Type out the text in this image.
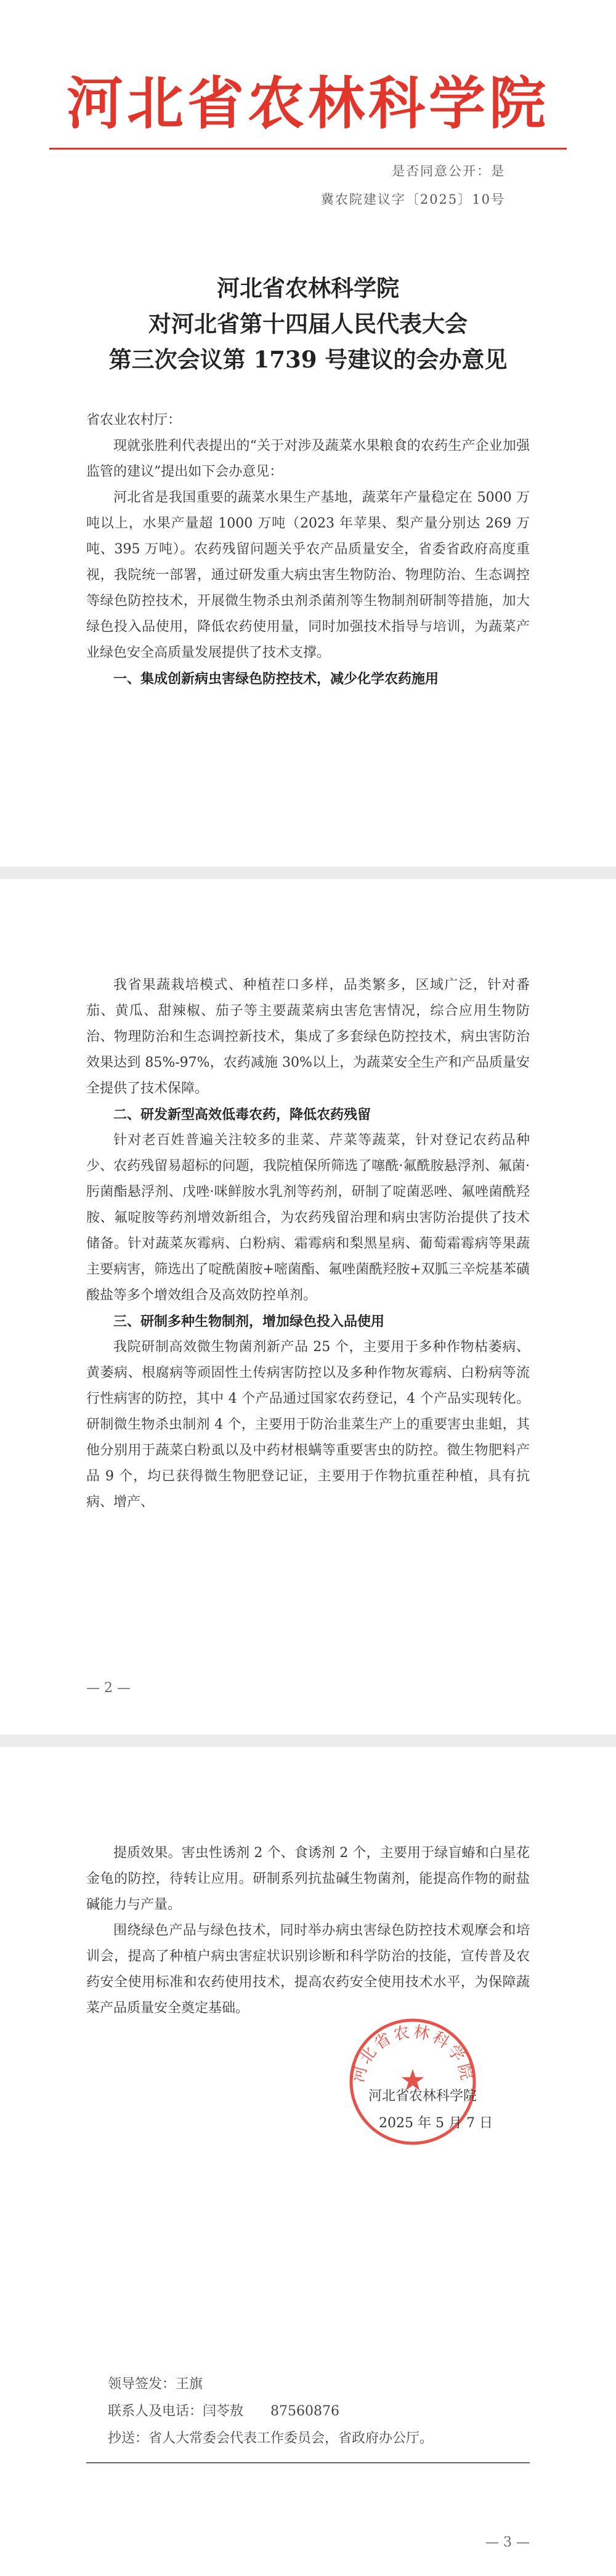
河北省农林科学院
是否同意公开：是
冀农院建议字〔2025〕10号
河北省农林科学院
对河北省第十四届人民代表大会
第三次会议第 1739 号建议的会办意见

省农业农村厅：

现就张胜利代表提出的“关于对涉及蔬菜水果粮食的农药生产企业加强监管的建议”提出如下会办意见：

河北省是我国重要的蔬菜水果生产基地，蔬菜年产量稳定在 5000 万吨以上，水果产量超 1000 万吨（2023 年苹果、梨产量分别达 269 万吨、395 万吨）。农药残留问题关乎农产品质量安全，省委省政府高度重视，我院统一部署，通过研发重大病虫害生物防治、物理防治、生态调控等绿色防控技术，开展微生物杀虫剂杀菌剂等生物制剂研制等措施，加大绿色投入品使用，降低农药使用量，同时加强技术指导与培训，为蔬菜产业绿色安全高质量发展提供了技术支撑。

一、集成创新病虫害绿色防控技术，减少化学农药施用

我省果蔬栽培模式、种植茬口多样，品类繁多，区域广泛，针对番茄、黄瓜、甜辣椒、茄子等主要蔬菜病虫害危害情况，综合应用生物防治、物理防治和生态调控新技术，集成了多套绿色防控技术，病虫害防治效果达到 85%-97%，农药减施 30%以上，为蔬菜安全生产和产品质量安全提供了技术保障。

二、研发新型高效低毒农药，降低农药残留

针对老百姓普遍关注较多的韭菜、芹菜等蔬菜，针对登记农药品种少、农药残留易超标的问题，我院植保所筛选了噻酰·氟酰胺悬浮剂、氟菌·肟菌酯悬浮剂、戊唑·咪鲜胺水乳剂等药剂，研制了啶菌恶唑、氟唑菌酰羟胺、氟啶胺等药剂增效新组合，为农药残留治理和病虫害防治提供了技术储备。针对蔬菜灰霉病、白粉病、霜霉病和梨黑星病、葡萄霜霉病等果蔬主要病害，筛选出了啶酰菌胺+嘧菌酯、氟唑菌酰羟胺+双胍三辛烷基苯磺酸盐等多个增效组合及高效防控单剂。

三、研制多种生物制剂，增加绿色投入品使用

我院研制高效微生物菌剂新产品 25 个，主要用于多种作物枯萎病、黄萎病、根腐病等顽固性土传病害防控以及多种作物灰霉病、白粉病等流行性病害的防控，其中 4 个产品通过国家农药登记，4 个产品实现转化。研制微生物杀虫制剂 4 个，主要用于防治韭菜生产上的重要害虫韭蛆，其他分别用于蔬菜白粉虱以及中药材根螨等重要害虫的防控。微生物肥料产品 9 个，均已获得微生物肥登记证，主要用于作物抗重茬种植，具有抗病、增产、

— 2 —

提质效果。害虫性诱剂 2 个、食诱剂 2 个，主要用于绿盲蝽和白星花金龟的防控，待转让应用。研制系列抗盐碱生物菌剂，能提高作物的耐盐碱能力与产量。

围绕绿色产品与绿色技术，同时举办病虫害绿色防控技术观摩会和培训会，提高了种植户病虫害症状识别诊断和科学防治的技能，宣传普及农药安全使用标准和农药使用技术，提高农药安全使用技术水平，为保障蔬菜产品质量安全奠定基础。

河北省农林科学院
★
河北省农林科学院
2025 年 5 月 7 日
领导签发：王旗
联系人及电话：闫苓敖　　87560876
抄送：省人大常委会代表工作委员会，省政府办公厅。
— 3 —
